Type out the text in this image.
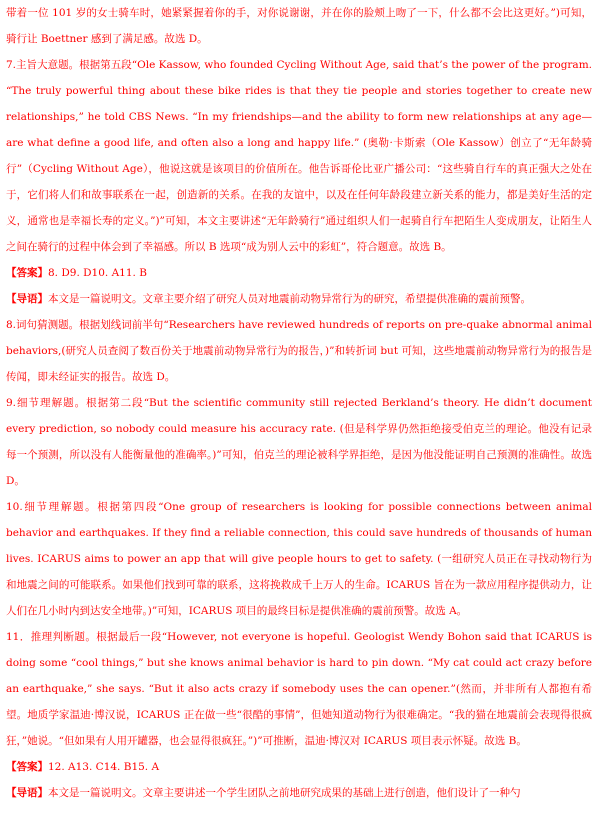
带着一位 101 岁的女士骑车时，她紧紧握着你的手，对你说谢谢，并在你的脸颊上吻了一下，什么都不会比这更好。”)可知，骑行让 Boettner 感到了满足感。故选 D。

7.主旨大意题。根据第五段“Ole Kassow, who founded Cycling Without Age, said that’s the power of the program. “The truly powerful thing about these bike rides is that they tie people and stories together to create new relationships,” he told CBS News. “In my friendships—and the ability to form new relationships at any age—are what define a good life, and often also a long and happy life.” (奥勒·卡斯索（Ole Kassow）创立了“无年龄骑行”（Cycling Without Age），他说这就是该项目的价值所在。他告诉哥伦比亚广播公司：“这些骑自行车的真正强大之处在于，它们将人们和故事联系在一起，创造新的关系。在我的友谊中，以及在任何年龄段建立新关系的能力，都是美好生活的定义，通常也是幸福长寿的定义。”)”可知，本文主要讲述“无年龄骑行”通过组织人们一起骑自行车把陌生人变成朋友，让陌生人之间在骑行的过程中体会到了幸福感。所以 B 选项“成为别人云中的彩虹”，符合题意。故选 B。

【答案】8. D9. D10. A11. B

【导语】本文是一篇说明文。文章主要介绍了研究人员对地震前动物异常行为的研究，希望提供准确的震前预警。

8.词句猜测题。根据划线词前半句“Researchers have reviewed hundreds of reports on pre-quake abnormal animal behaviors,(研究人员查阅了数百份关于地震前动物异常行为的报告，)”和转折词 but 可知，这些地震前动物异常行为的报告是传闻，即未经证实的报告。故选 D。

9.细节理解题。根据第二段“But the scientific community still rejected Berkland’s theory. He didn’t document every prediction, so nobody could measure his accuracy rate. (但是科学界仍然拒绝接受伯克兰的理论。他没有记录每一个预测，所以没有人能衡量他的准确率。)”可知，伯克兰的理论被科学界拒绝，是因为他没能证明自己预测的准确性。故选 D。

10.细节理解题。根据第四段“One group of researchers is looking for possible connections between animal behavior and earthquakes. If they find a reliable connection, this could save hundreds of thousands of human lives. ICARUS aims to power an app that will give people hours to get to safety. (一组研究人员正在寻找动物行为和地震之间的可能联系。如果他们找到可靠的联系，这将挽救成千上万人的生命。ICARUS 旨在为一款应用程序提供动力，让人们在几小时内到达安全地带。)”可知，ICARUS 项目的最终目标是提供准确的震前预警。故选 A。

11．推理判断题。根据最后一段“However, not everyone is hopeful. Geologist Wendy Bohon said that ICARUS is doing some “cool things,” but she knows animal behavior is hard to pin down. “My cat could act crazy before an earthquake,” she says. “But it also acts crazy if somebody uses the can opener.”(然而，并非所有人都抱有希望。地质学家温迪·博汉说，ICARUS 正在做一些“很酷的事情”，但她知道动物行为很难确定。“我的猫在地震前会表现得很疯狂，”她说。“但如果有人用开罐器，也会显得很疯狂。”)”可推断，温迪·博汉对 ICARUS 项目表示怀疑。故选 B。

【答案】12. A13. C14. B15. A

【导语】本文是一篇说明文。文章主要讲述一个学生团队之前地研究成果的基础上进行创造，他们设计了一种勺
